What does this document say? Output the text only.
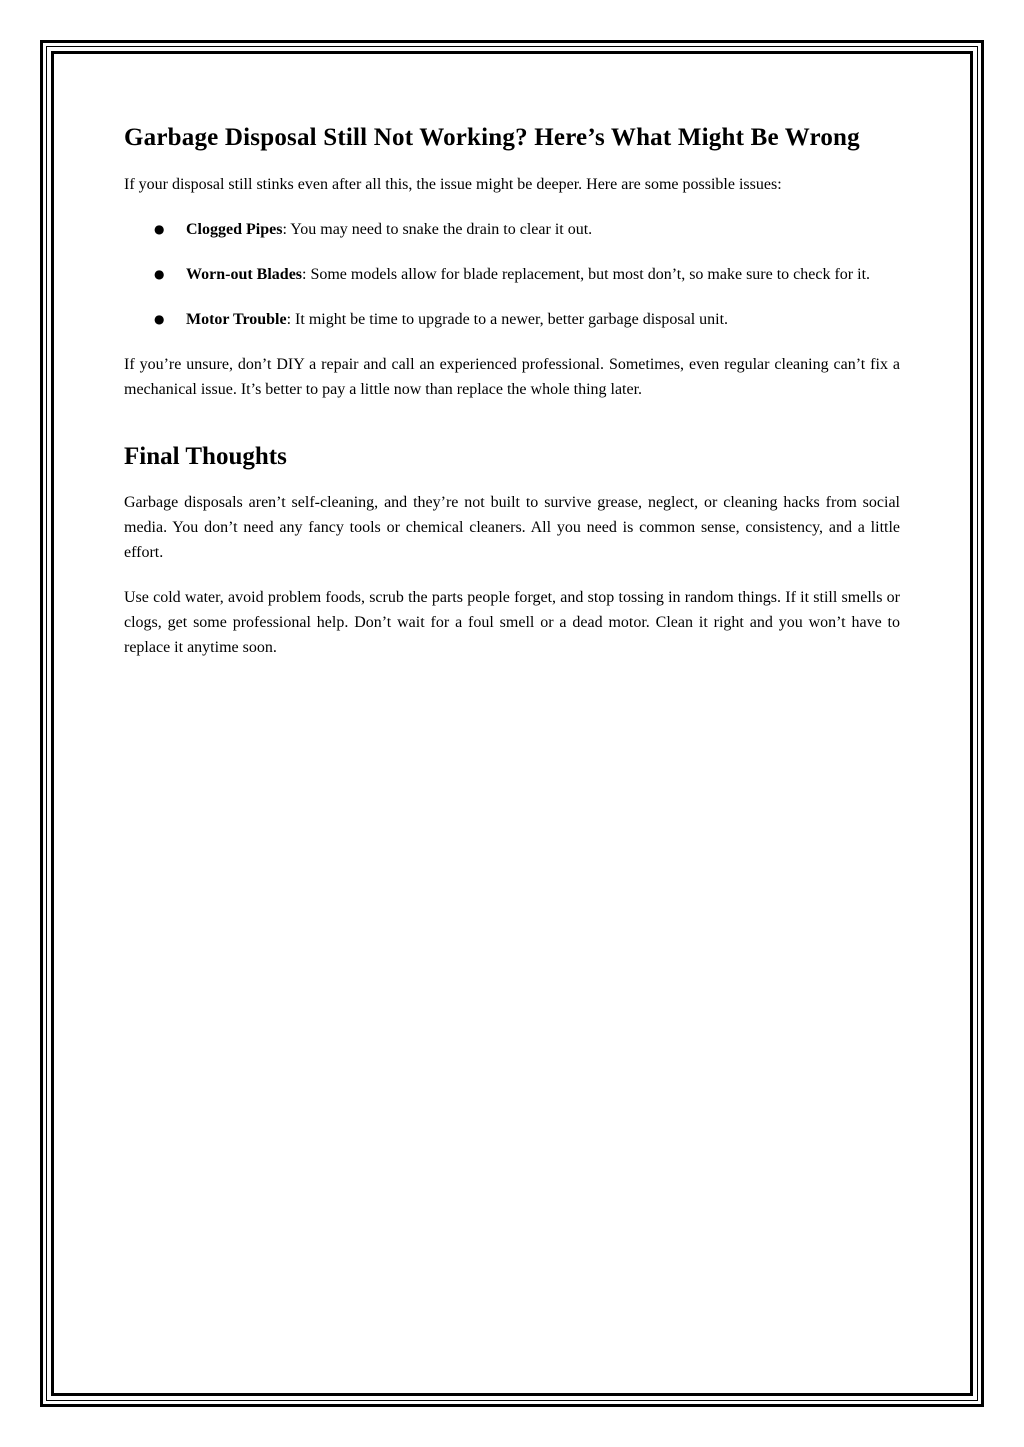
Garbage Disposal Still Not Working? Here’s What Might Be Wrong

If your disposal still stinks even after all this, the issue might be deeper. Here are some possible issues:

● Clogged Pipes: You may need to snake the drain to clear it out.
● Worn-out Blades: Some models allow for blade replacement, but most don’t, so make sure to check for it.
● Motor Trouble: It might be time to upgrade to a newer, better garbage disposal unit.

If you’re unsure, don’t DIY a repair and call an experienced professional. Sometimes, even regular cleaning can’t fix a mechanical issue. It’s better to pay a little now than replace the whole thing later.

Final Thoughts

Garbage disposals aren’t self-cleaning, and they’re not built to survive grease, neglect, or cleaning hacks from social media. You don’t need any fancy tools or chemical cleaners. All you need is common sense, consistency, and a little effort.

Use cold water, avoid problem foods, scrub the parts people forget, and stop tossing in random things. If it still smells or clogs, get some professional help. Don’t wait for a foul smell or a dead motor. Clean it right and you won’t have to replace it anytime soon.
